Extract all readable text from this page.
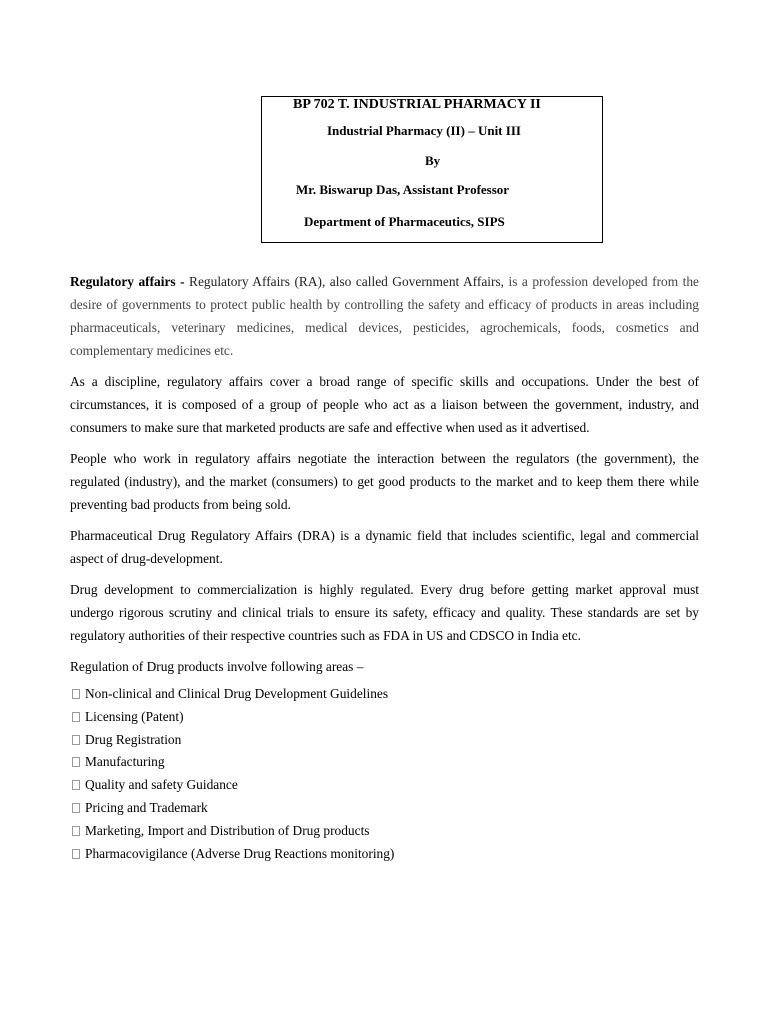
BP 702 T. INDUSTRIAL PHARMACY II
Industrial Pharmacy (II) – Unit III
By
Mr. Biswarup Das, Assistant Professor
Department of Pharmaceutics, SIPS

Regulatory affairs - Regulatory Affairs (RA), also called Government Affairs, is a profession developed from the desire of governments to protect public health by controlling the safety and efficacy of products in areas including pharmaceuticals, veterinary medicines, medical devices, pesticides, agrochemicals, foods, cosmetics and complementary medicines etc.

As a discipline, regulatory affairs cover a broad range of specific skills and occupations. Under the best of circumstances, it is composed of a group of people who act as a liaison between the government, industry, and consumers to make sure that marketed products are safe and effective when used as it advertised.

People who work in regulatory affairs negotiate the interaction between the regulators (the government), the regulated (industry), and the market (consumers) to get good products to the market and to keep them there while preventing bad products from being sold.

Pharmaceutical Drug Regulatory Affairs (DRA) is a dynamic field that includes scientific, legal and commercial aspect of drug-development.

Drug development to commercialization is highly regulated. Every drug before getting market approval must undergo rigorous scrutiny and clinical trials to ensure its safety, efficacy and quality. These standards are set by regulatory authorities of their respective countries such as FDA in US and CDSCO in India etc.

Regulation of Drug products involve following areas –

Non-clinical and Clinical Drug Development Guidelines
Licensing (Patent)
Drug Registration
Manufacturing
Quality and safety Guidance
Pricing and Trademark
Marketing, Import and Distribution of Drug products
Pharmacovigilance (Adverse Drug Reactions monitoring)
